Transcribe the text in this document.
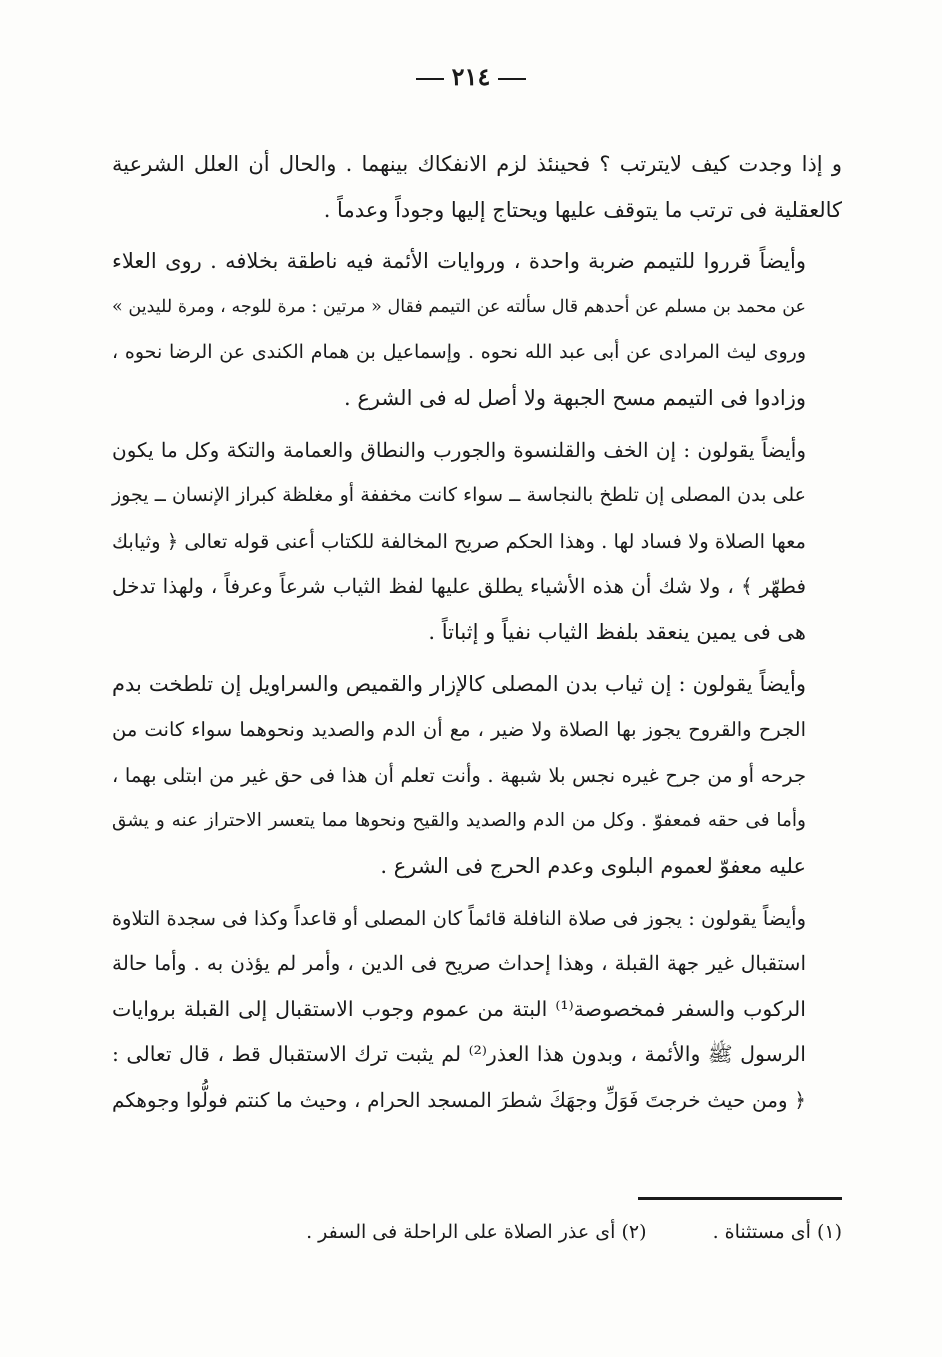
٢١٤

و إذا وجدت كيف لايترتب ؟ فحينئذ لزم الانفكاك بينهما . والحال أن العلل الشرعية
كالعقلية فى ترتب ما يتوقف عليها ويحتاج إليها وجوداً وعدماً .

وأيضاً قرروا للتيمم ضربة واحدة ، وروايات الأئمة فيه ناطقة بخلافه . روى العلاء
عن محمد بن مسلم عن أحدهم قال سألته عن التيمم فقال « مرتين : مرة للوجه ، ومرة لليدين »
وروى ليث المرادى عن أبى عبد الله نحوه . وإسماعيل بن همام الكندى عن الرضا نحوه ،
وزادوا فى التيمم مسح الجبهة ولا أصل له فى الشرع .

وأيضاً يقولون : إن الخف والقلنسوة والجورب والنطاق والعمامة والتكة وكل ما يكون
على بدن المصلى إن تلطخ بالنجاسة ــ سواء كانت مخففة أو مغلظة كبراز الإنسان ــ يجوز
معها الصلاة ولا فساد لها . وهذا الحكم صريح المخالفة للكتاب أعنى قوله تعالى ﴿ وثيابك
فطهّر ﴾ ، ولا شك أن هذه الأشياء يطلق عليها لفظ الثياب شرعاً وعرفاً ، ولهذا تدخل
هى فى يمين ينعقد بلفظ الثياب نفياً و إثباتاً .

وأيضاً يقولون : إن ثياب بدن المصلى كالإزار والقميص والسراويل إن تلطخت بدم
الجرح والقروح يجوز بها الصلاة ولا ضير ، مع أن الدم والصديد ونحوهما سواء كانت من
جرحه أو من جرح غيره نجس بلا شبهة . وأنت تعلم أن هذا فى حق غير من ابتلى بهما ،
وأما فى حقه فمعفوّ . وكل من الدم والصديد والقيح ونحوها مما يتعسر الاحتراز عنه و يشق
عليه معفوّ لعموم البلوى وعدم الحرج فى الشرع .

وأيضاً يقولون : يجوز فى صلاة النافلة قائماً كان المصلى أو قاعداً وكذا فى سجدة التلاوة
استقبال غير جهة القبلة ، وهذا إحداث صريح فى الدين ، وأمر لم يؤذن به . وأما حالة
الركوب والسفر فمخصوصة⁽¹⁾ البتة من عموم وجوب الاستقبال إلى القبلة بروايات
الرسول ﷺ والأئمة ، وبدون هذا العذر⁽²⁾ لم يثبت ترك الاستقبال قط ، قال تعالى :
﴿ ومن حيث خرجتَ فَوَلِّ وجهَكَ شطرَ المسجد الحرام ، وحيث ما كنتم فولُّوا وجوهكم

(١) أى مستثناة . (٢) أى عذر الصلاة على الراحلة فى السفر .
